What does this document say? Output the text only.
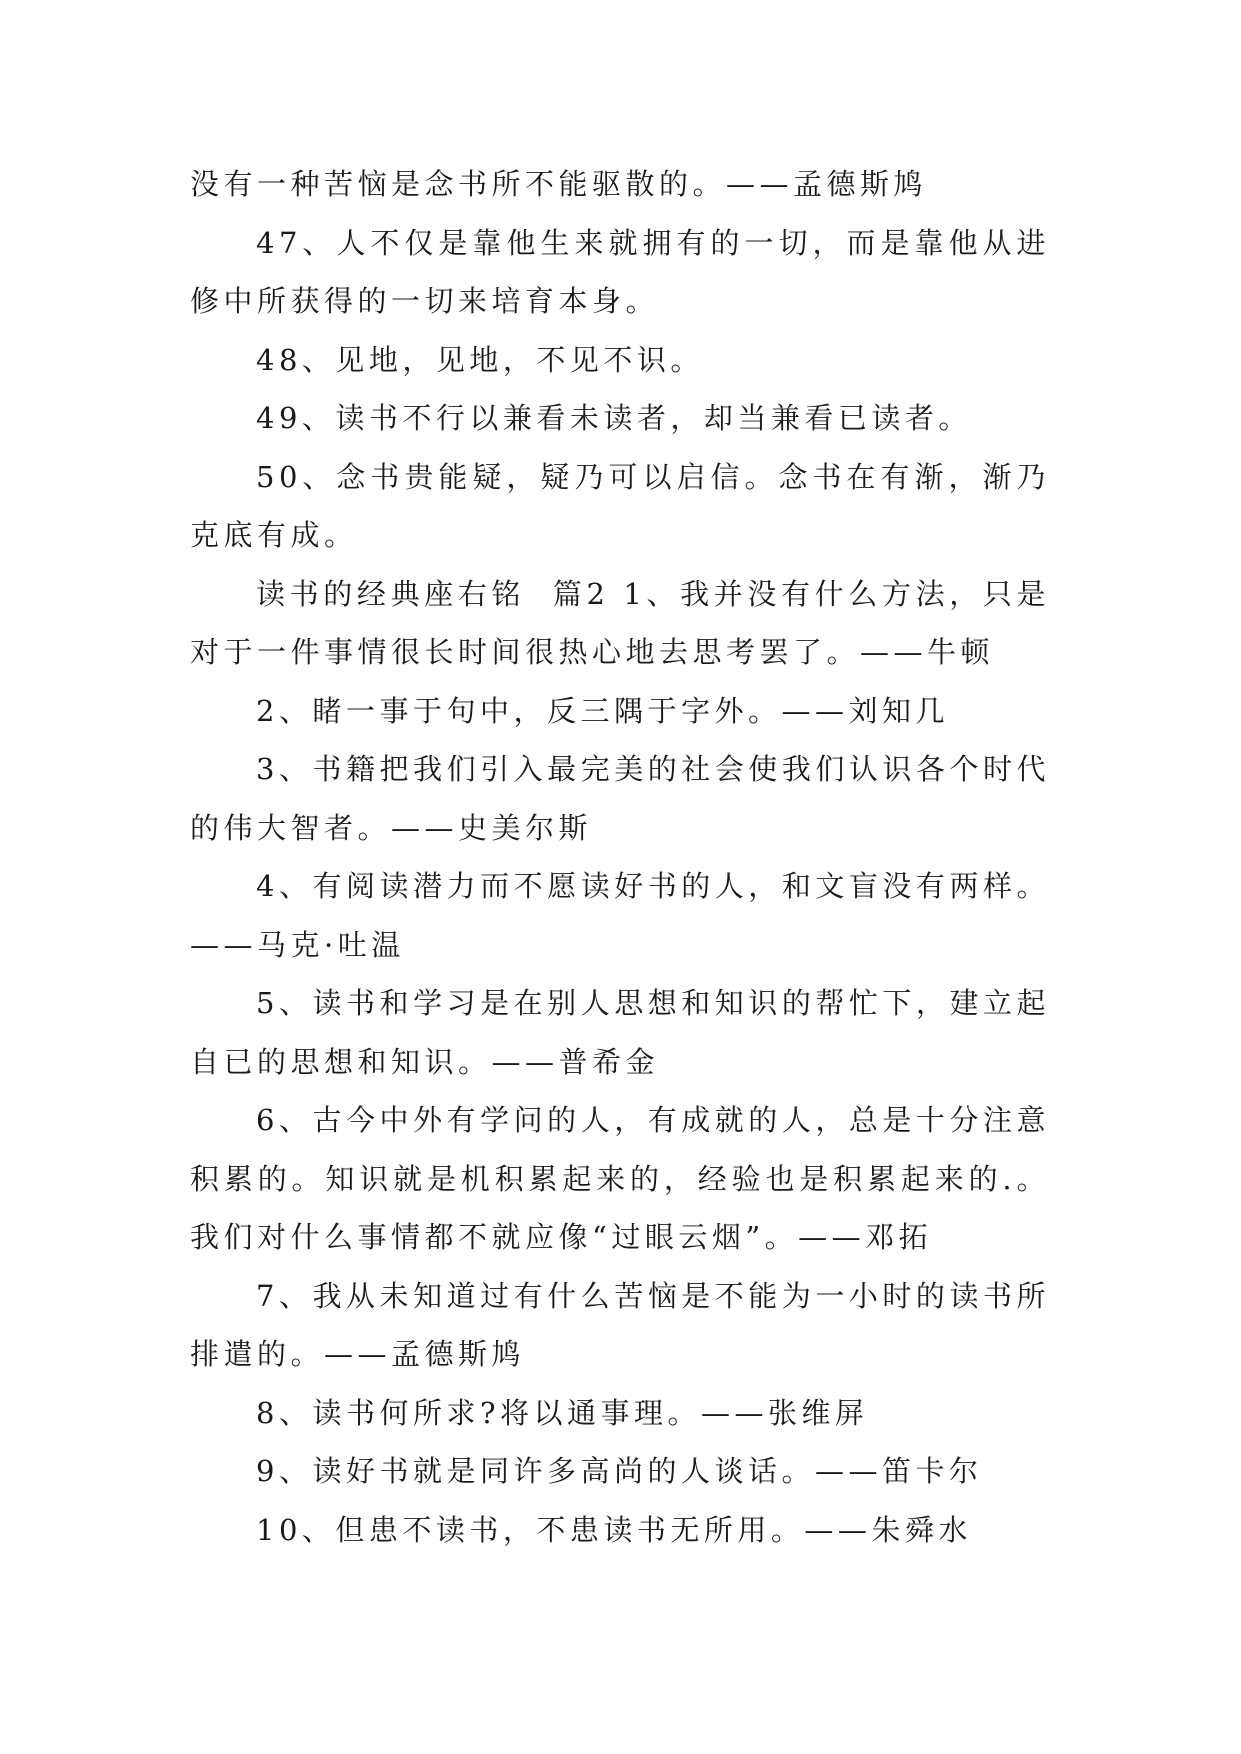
没有一种苦恼是念书所不能驱散的。——孟德斯鸠

47、人不仅是靠他生来就拥有的一切，而是靠他从进修中所获得的一切来培育本身。

48、见地，见地，不见不识。

49、读书不行以兼看未读者，却当兼看已读者。

50、念书贵能疑，疑乃可以启信。念书在有渐，渐乃克底有成。

读书的经典座右铭  篇2 1、我并没有什么方法，只是对于一件事情很长时间很热心地去思考罢了。——牛顿

2、睹一事于句中，反三隅于字外。——刘知几

3、书籍把我们引入最完美的社会使我们认识各个时代的伟大智者。——史美尔斯

4、有阅读潜力而不愿读好书的人，和文盲没有两样。——马克·吐温

5、读书和学习是在别人思想和知识的帮忙下，建立起自已的思想和知识。——普希金

6、古今中外有学问的人，有成就的人，总是十分注意积累的。知识就是机积累起来的，经验也是积累起来的.。我们对什么事情都不就应像“过眼云烟”。——邓拓

7、我从未知道过有什么苦恼是不能为一小时的读书所排遣的。——孟德斯鸠

8、读书何所求?将以通事理。——张维屏

9、读好书就是同许多高尚的人谈话。——笛卡尔

10、但患不读书，不患读书无所用。——朱舜水
